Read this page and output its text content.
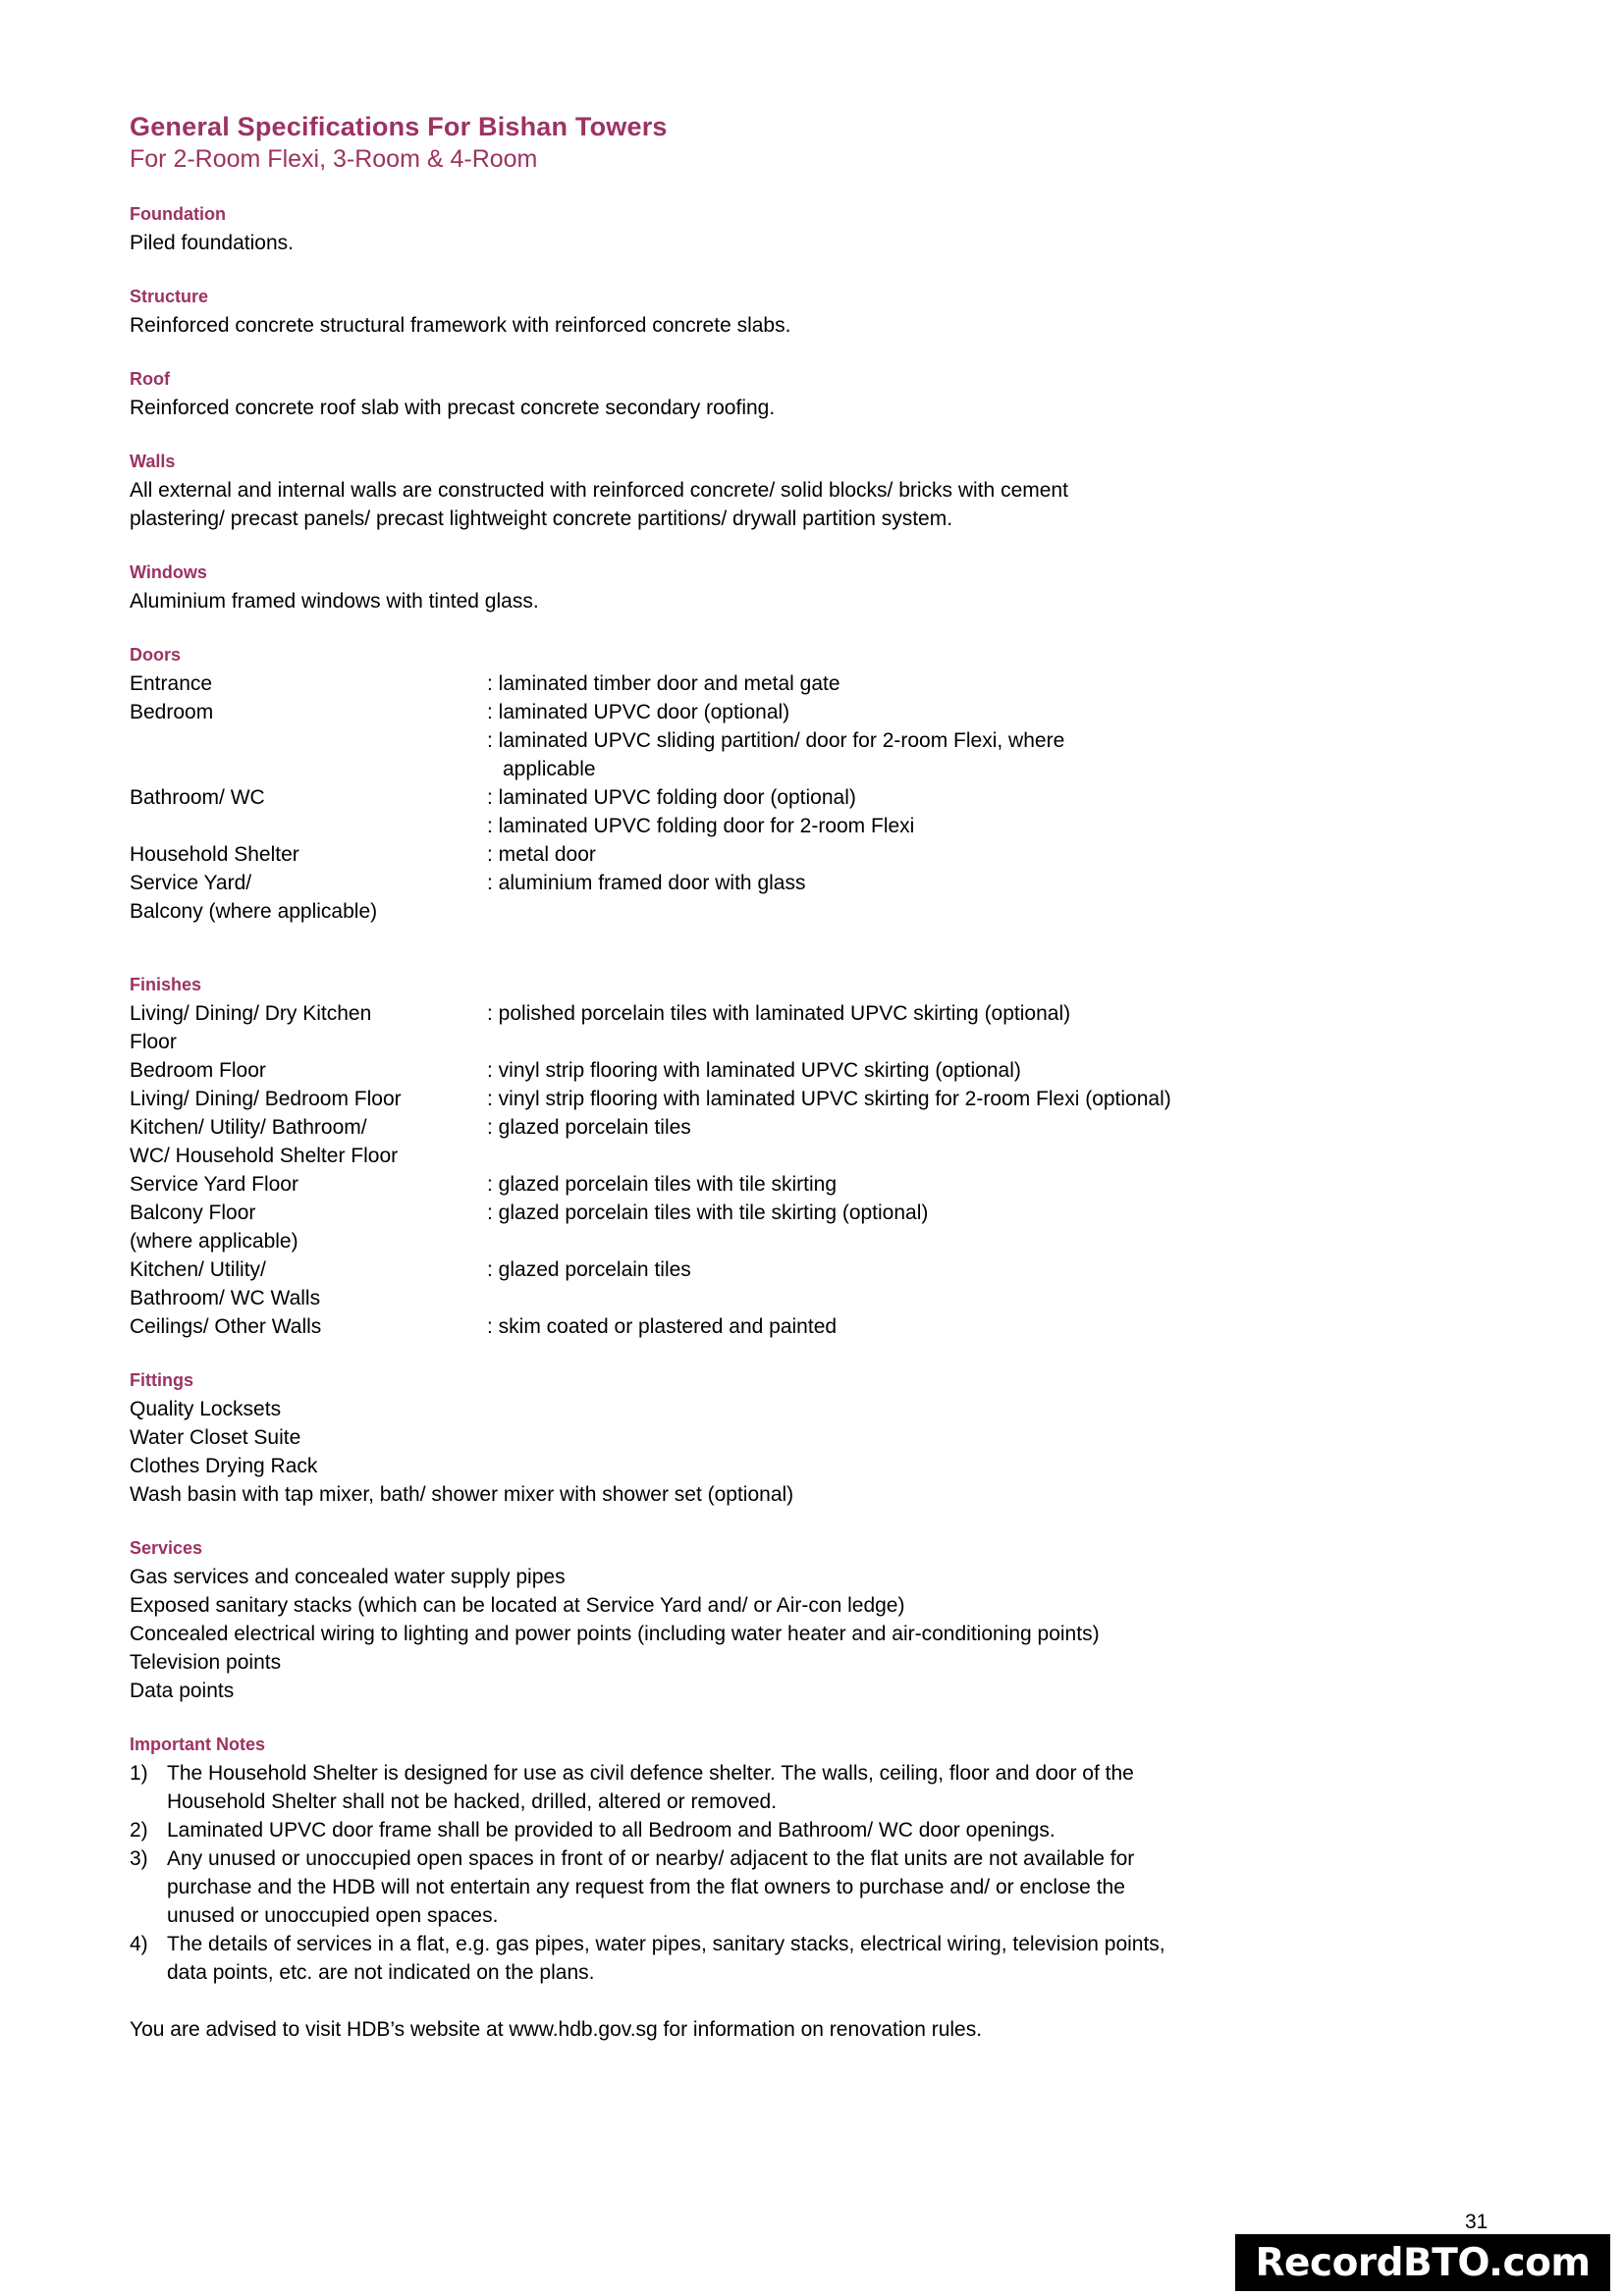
General Specifications For Bishan Towers
For 2-Room Flexi, 3-Room & 4-Room
Foundation

Piled foundations.

Structure

Reinforced concrete structural framework with reinforced concrete slabs.

Roof

Reinforced concrete roof slab with precast concrete secondary roofing.

Walls

All external and internal walls are constructed with reinforced concrete/ solid blocks/ bricks with cement

plastering/ precast panels/ precast lightweight concrete partitions/ drywall partition system.

Windows

Aluminium framed windows with tinted glass.

Doors
Entrance	: laminated timber door and metal gate
Bedroom	: laminated UPVC door (optional)
	: laminated UPVC sliding partition/ door for 2-room Flexi, where
applicable

Bathroom/ WC	: laminated UPVC folding door (optional)
	: laminated UPVC folding door for 2-room Flexi
Household Shelter	: metal door
Service Yard/	: aluminium framed door with glass
Balcony (where applicable)	
Finishes
Living/ Dining/ Dry Kitchen
Floor	: polished porcelain tiles with laminated UPVC skirting (optional)
Bedroom Floor	: vinyl strip flooring with laminated UPVC skirting (optional)
Living/ Dining/ Bedroom Floor	: vinyl strip flooring with laminated UPVC skirting for 2-room Flexi (optional)

Kitchen/ Utility/ Bathroom/
WC/ Household Shelter Floor	: glazed porcelain tiles
Service Yard Floor	: glazed porcelain tiles with tile skirting

Balcony Floor
(where applicable)	: glazed porcelain tiles with tile skirting (optional)

Kitchen/ Utility/
Bathroom/ WC Walls	: glazed porcelain tiles
Ceilings/ Other Walls	: skim coated or plastered and painted
Fittings

Quality Locksets

Water Closet Suite

Clothes Drying Rack

Wash basin with tap mixer, bath/ shower mixer with shower set (optional)

Services

Gas services and concealed water supply pipes

Exposed sanitary stacks (which can be located at Service Yard and/ or Air-con ledge)

Concealed electrical wiring to lighting and power points (including water heater and air-conditioning points)

Television points

Data points

Important Notes
1) The Household Shelter is designed for use as civil defence shelter. The walls, ceiling, floor and door of the
Household Shelter shall not be hacked, drilled, altered or removed.
2) Laminated UPVC door frame shall be provided to all Bedroom and Bathroom/ WC door openings.
3) Any unused or unoccupied open spaces in front of or nearby/ adjacent to the flat units are not available for
purchase and the HDB will not entertain any request from the flat owners to purchase and/ or enclose the
unused or unoccupied open spaces.
4) The details of services in a flat, e.g. gas pipes, water pipes, sanitary stacks, electrical wiring, television points,
data points, etc. are not indicated on the plans.

You are advised to visit HDB’s website at www.hdb.gov.sg for information on renovation rules.

31
RecordBTO.com
